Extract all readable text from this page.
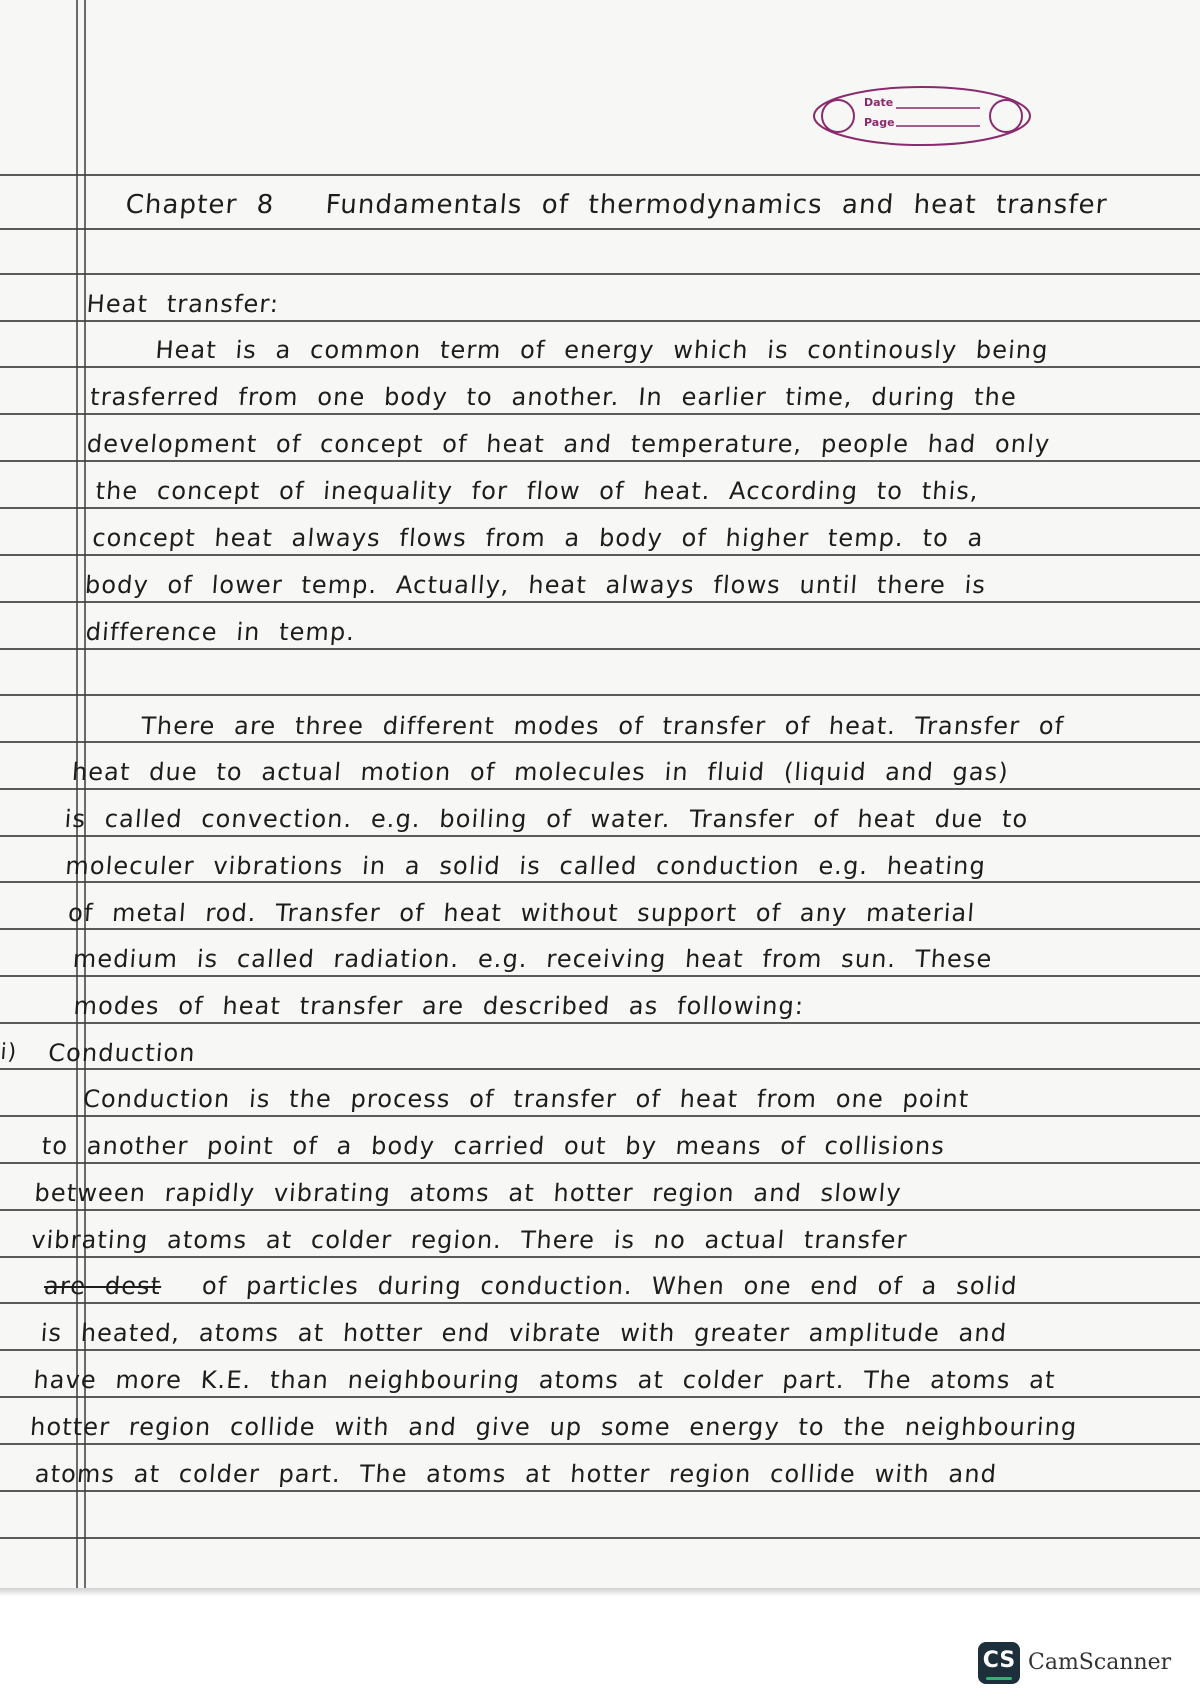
Date
Page
Chapter 8 Fundamentals of thermodynamics and heat transfer
Heat transfer:
Heat is a common term of energy which is continously being
trasferred from one body to another. In earlier time, during the
development of concept of heat and temperature, people had only
the concept of inequality for flow of heat. According to this,
concept heat always flows from a body of higher temp. to a
body of lower temp. Actually, heat always flows until there is
difference in temp.
There are three different modes of transfer of heat. Transfer of
heat due to actual motion of molecules in fluid (liquid and gas)
is called convection. e.g. boiling of water. Transfer of heat due to
moleculer vibrations in a solid is called conduction e.g. heating
of metal rod. Transfer of heat without support of any material
medium is called radiation. e.g. receiving heat from sun. These
modes of heat transfer are described as following:
i) Conduction
Conduction is the process of transfer of heat from one point
to another point of a body carried out by means of collisions
between rapidly vibrating atoms at hotter region and slowly
vibrating atoms at colder region. There is no actual transfer
are dest of particles during conduction. When one end of a solid
is heated, atoms at hotter end vibrate with greater amplitude and
have more K.E. than neighbouring atoms at colder part. The atoms at
hotter region collide with and give up some energy to the neighbouring
atoms at colder part. The atoms at hotter region collide with and
CS CamScanner
